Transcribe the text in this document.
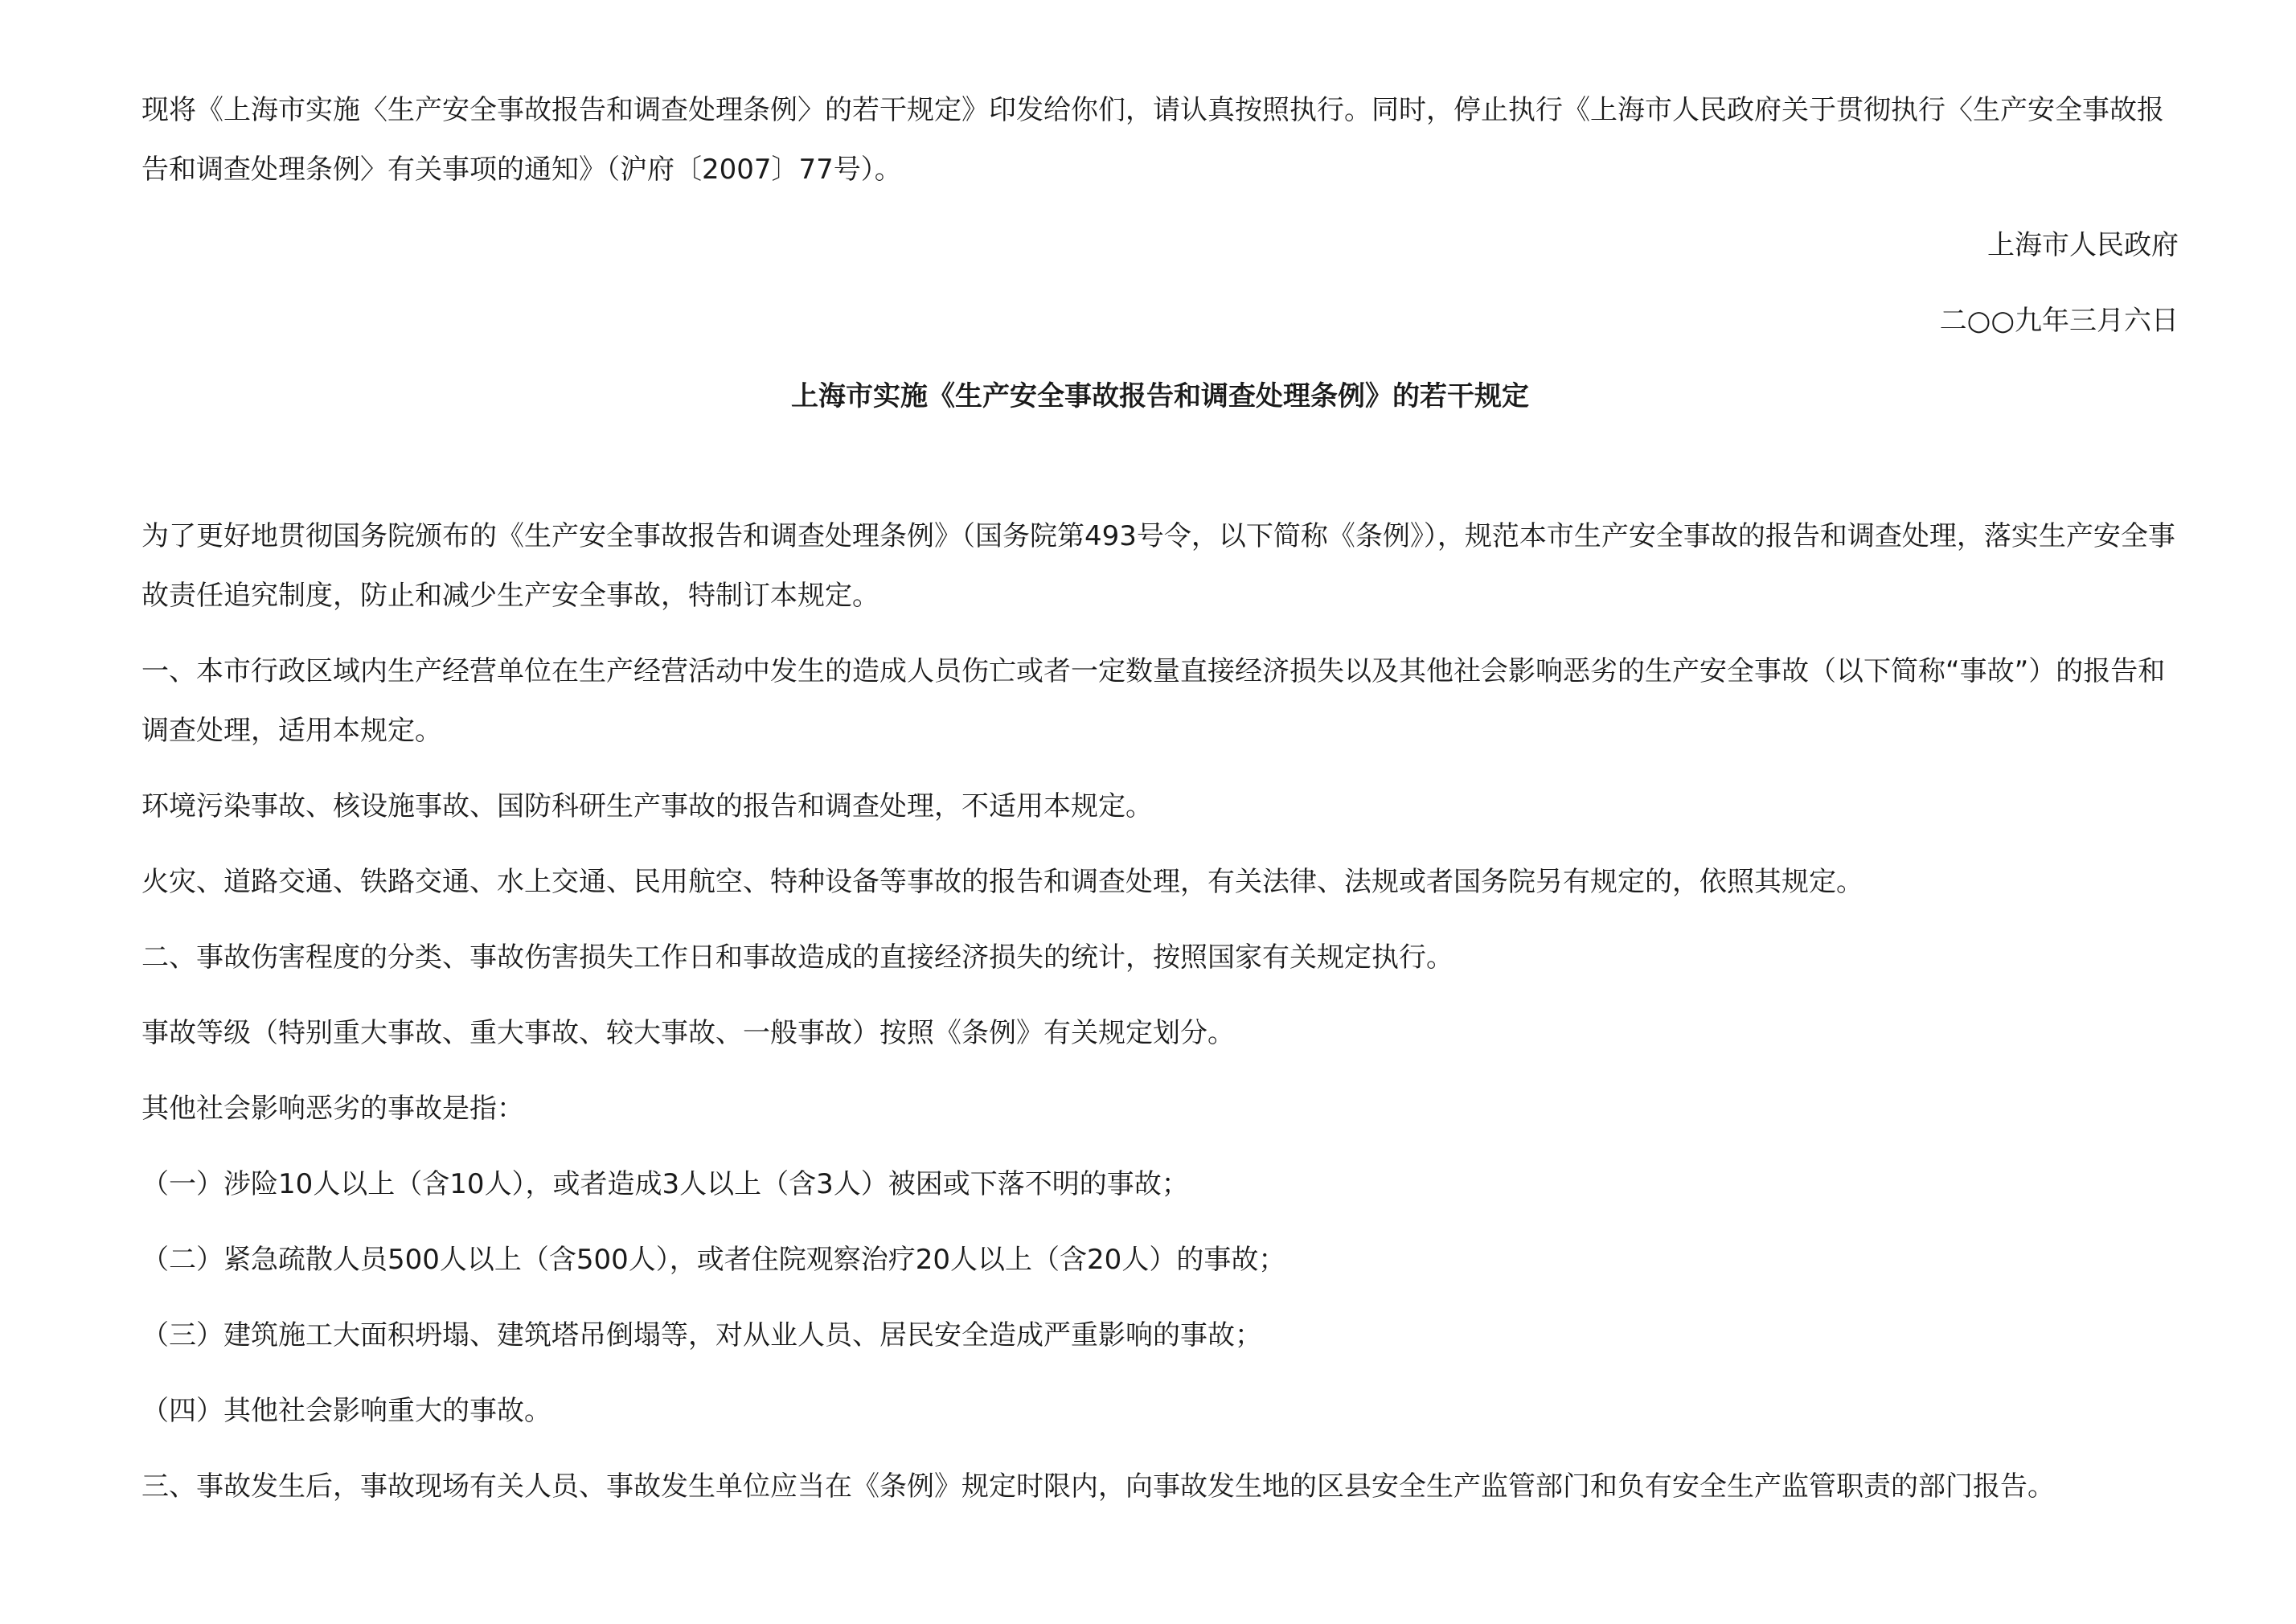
现将《上海市实施〈生产安全事故报告和调查处理条例〉的若干规定》印发给你们，请认真按照执行。同时，停止执行《上海市人民政府关于贯彻执行〈生产安全事故报告和调查处理条例〉有关事项的通知》（沪府〔2007〕77号）。

上海市人民政府

二○○九年三月六日

上海市实施《生产安全事故报告和调查处理条例》的若干规定

为了更好地贯彻国务院颁布的《生产安全事故报告和调查处理条例》（国务院第493号令，以下简称《条例》），规范本市生产安全事故的报告和调查处理，落实生产安全事故责任追究制度，防止和减少生产安全事故，特制订本规定。

一、本市行政区域内生产经营单位在生产经营活动中发生的造成人员伤亡或者一定数量直接经济损失以及其他社会影响恶劣的生产安全事故（以下简称“事故”）的报告和调查处理，适用本规定。

环境污染事故、核设施事故、国防科研生产事故的报告和调查处理，不适用本规定。

火灾、道路交通、铁路交通、水上交通、民用航空、特种设备等事故的报告和调查处理，有关法律、法规或者国务院另有规定的，依照其规定。

二、事故伤害程度的分类、事故伤害损失工作日和事故造成的直接经济损失的统计，按照国家有关规定执行。

事故等级（特别重大事故、重大事故、较大事故、一般事故）按照《条例》有关规定划分。

其他社会影响恶劣的事故是指：

（一）涉险10人以上（含10人），或者造成3人以上（含3人）被困或下落不明的事故；

（二）紧急疏散人员500人以上（含500人），或者住院观察治疗20人以上（含20人）的事故；

（三）建筑施工大面积坍塌、建筑塔吊倒塌等，对从业人员、居民安全造成严重影响的事故；

（四）其他社会影响重大的事故。

三、事故发生后，事故现场有关人员、事故发生单位应当在《条例》规定时限内，向事故发生地的区县安全生产监管部门和负有安全生产监管职责的部门报告。
